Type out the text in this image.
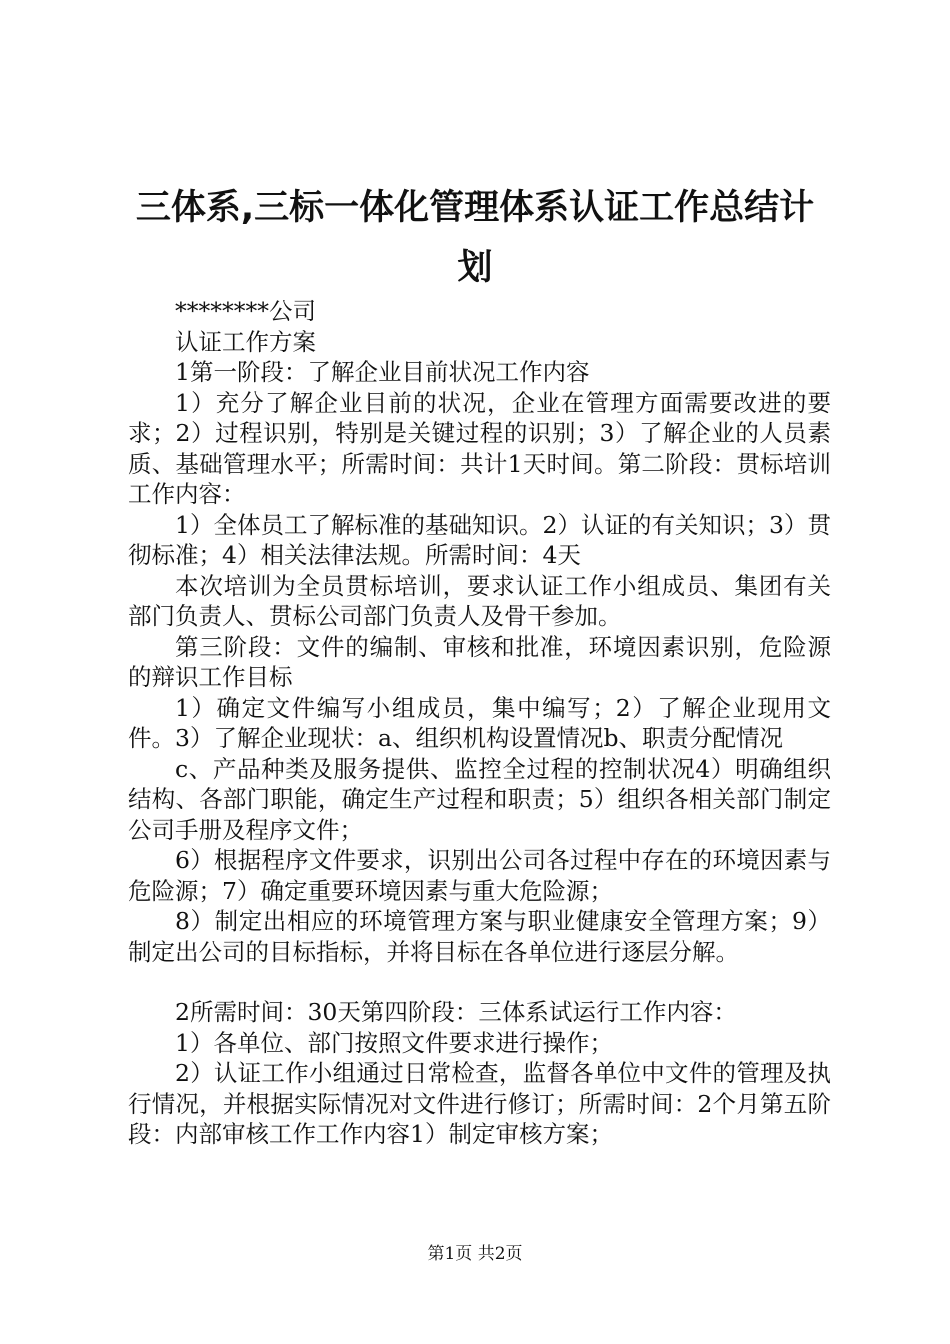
三体系,三标一体化管理体系认证工作总结计划

********公司

认证工作方案

1第一阶段：了解企业目前状况工作内容

1）充分了解企业目前的状况，企业在管理方面需要改进的要求；2）过程识别，特别是关键过程的识别；3）了解企业的人员素质、基础管理水平；所需时间：共计1天时间。第二阶段：贯标培训工作内容：

1）全体员工了解标准的基础知识。2）认证的有关知识；3）贯彻标准；4）相关法律法规。所需时间：4天

本次培训为全员贯标培训，要求认证工作小组成员、集团有关部门负责人、贯标公司部门负责人及骨干参加。

第三阶段：文件的编制、审核和批准，环境因素识别，危险源的辩识工作目标

1）确定文件编写小组成员，集中编写；2）了解企业现用文件。3）了解企业现状：a、组织机构设置情况b、职责分配情况

c、产品种类及服务提供、监控全过程的控制状况4）明确组织结构、各部门职能，确定生产过程和职责；5）组织各相关部门制定公司手册及程序文件；

6）根据程序文件要求，识别出公司各过程中存在的环境因素与危险源；7）确定重要环境因素与重大危险源；

8）制定出相应的环境管理方案与职业健康安全管理方案；9）制定出公司的目标指标，并将目标在各单位进行逐层分解。

2所需时间：30天第四阶段：三体系试运行工作内容：

1）各单位、部门按照文件要求进行操作；

2）认证工作小组通过日常检查，监督各单位中文件的管理及执行情况，并根据实际情况对文件进行修订；所需时间：2个月第五阶段：内部审核工作工作内容1）制定审核方案；

第1页 共2页
